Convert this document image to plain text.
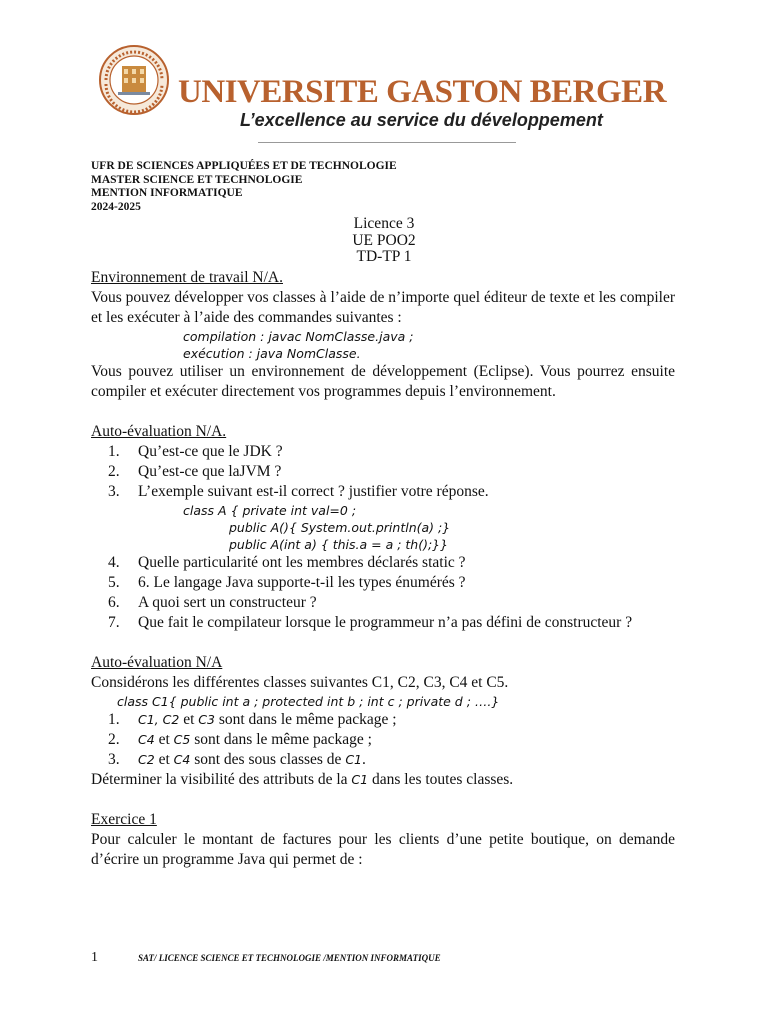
UNIVERSITE GASTON BERGER
L’excellence au service du développement
UFR DE SCIENCES APPLIQUÉES ET DE TECHNOLOGIE
MASTER SCIENCE ET TECHNOLOGIE
MENTION INFORMATIQUE
2024-2025
Licence 3
UE POO2
TD-TP 1
Environnement de travail N/A.
Vous pouvez développer vos classes à l’aide de n’importe quel éditeur de texte et les compiler et les exécuter à l’aide des commandes suivantes :
compilation : javac NomClasse.java ;
exécution : java NomClasse.
Vous pouvez utiliser un environnement de développement (Eclipse). Vous pourrez ensuite compiler et exécuter directement vos programmes depuis l’environnement.
Auto-évaluation N/A.
1.	Qu’est-ce que le JDK ?
2.	Qu’est-ce que laJVM ?
3.	L’exemple suivant est-il correct ? justifier votre réponse.
class A { private int val=0 ;
public A(){ System.out.println(a) ;}
public A(int a) { this.a = a ; th();}}
4.	Quelle particularité ont les membres déclarés static ?
5.	6. Le langage Java supporte-t-il les types énumérés ?
6.	A quoi sert un constructeur ?
7.	Que fait le compilateur lorsque le programmeur n’a pas défini de constructeur ?
Auto-évaluation N/A
Considérons les différentes classes suivantes C1, C2, C3, C4 et C5.
class C1{ public int a ; protected int b ; int c ; private d ; ….}
1.	C1, C2 et C3 sont dans le même package ;
2.	C4 et C5 sont dans le même package ;
3.	C2 et C4 sont des sous classes de C1.
Déterminer la visibilité des attributs de la C1 dans les toutes classes.
Exercice 1
Pour calculer le montant de factures pour les clients d’une petite boutique, on demande d’écrire un programme Java qui permet de :
1	SAT/ LICENCE SCIENCE ET TECHNOLOGIE /MENTION INFORMATIQUE
